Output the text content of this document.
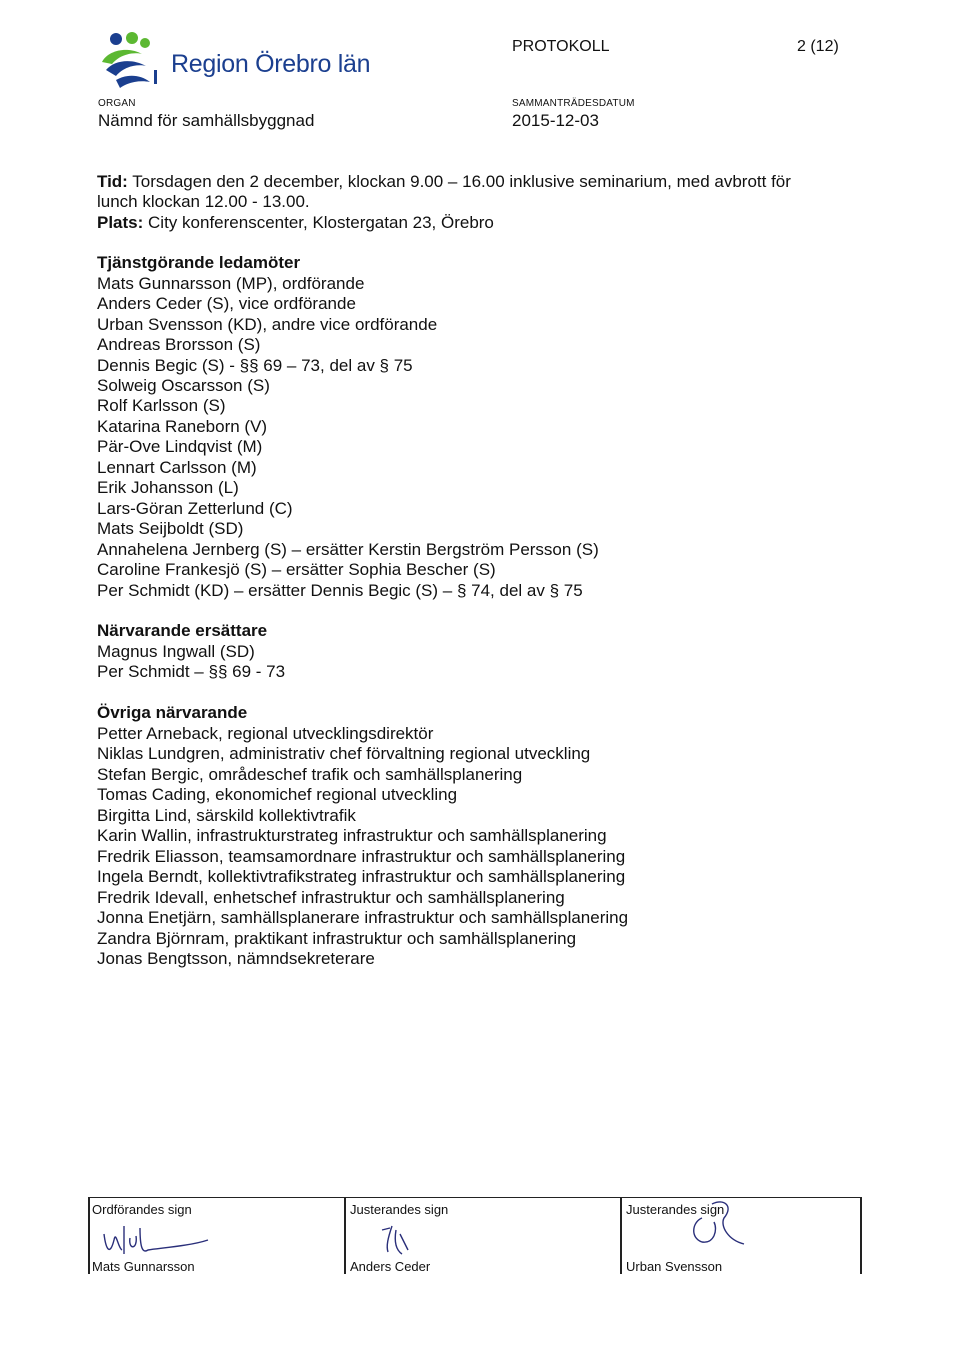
Region Örebro län
PROTOKOLL	2 (12)
ORGAN
Nämnd för samhällsbyggnad
SAMMANTRÄDESDATUM
2015-12-03
Tid: Torsdagen den 2 december, klockan 9.00 – 16.00 inklusive seminarium, med avbrott för
lunch klockan 12.00 - 13.00.
Plats: City konferenscenter, Klostergatan 23, Örebro
Tjänstgörande ledamöter
Mats Gunnarsson (MP), ordförande
Anders Ceder (S), vice ordförande
Urban Svensson (KD), andre vice ordförande
Andreas Brorsson (S)
Dennis Begic (S) - §§ 69 – 73, del av § 75
Solweig Oscarsson (S)
Rolf Karlsson (S)
Katarina Raneborn (V)
Pär-Ove Lindqvist (M)
Lennart Carlsson (M)
Erik Johansson (L)
Lars-Göran Zetterlund (C)
Mats Seijboldt (SD)
Annahelena Jernberg (S) – ersätter Kerstin Bergström Persson (S)
Caroline Frankesjö (S) – ersätter Sophia Bescher (S)
Per Schmidt (KD) – ersätter Dennis Begic (S) – § 74, del av § 75
Närvarande ersättare
Magnus Ingwall (SD)
Per Schmidt – §§ 69 - 73
Övriga närvarande
Petter Arneback, regional utvecklingsdirektör
Niklas Lundgren, administrativ chef förvaltning regional utveckling
Stefan Bergic, områdeschef trafik och samhällsplanering
Tomas Cading, ekonomichef regional utveckling
Birgitta Lind, särskild kollektivtrafik
Karin Wallin, infrastrukturstrateg infrastruktur och samhällsplanering
Fredrik Eliasson, teamsamordnare infrastruktur och samhällsplanering
Ingela Berndt, kollektivtrafikstrateg infrastruktur och samhällsplanering
Fredrik Idevall, enhetschef infrastruktur och samhällsplanering
Jonna Enetjärn, samhällsplanerare infrastruktur och samhällsplanering
Zandra Björnram, praktikant infrastruktur och samhällsplanering
Jonas Bengtsson, nämndsekreterare
Ordförandes sign
Mats Gunnarsson
Justerandes sign
Anders Ceder
Justerandes sign
Urban Svensson
